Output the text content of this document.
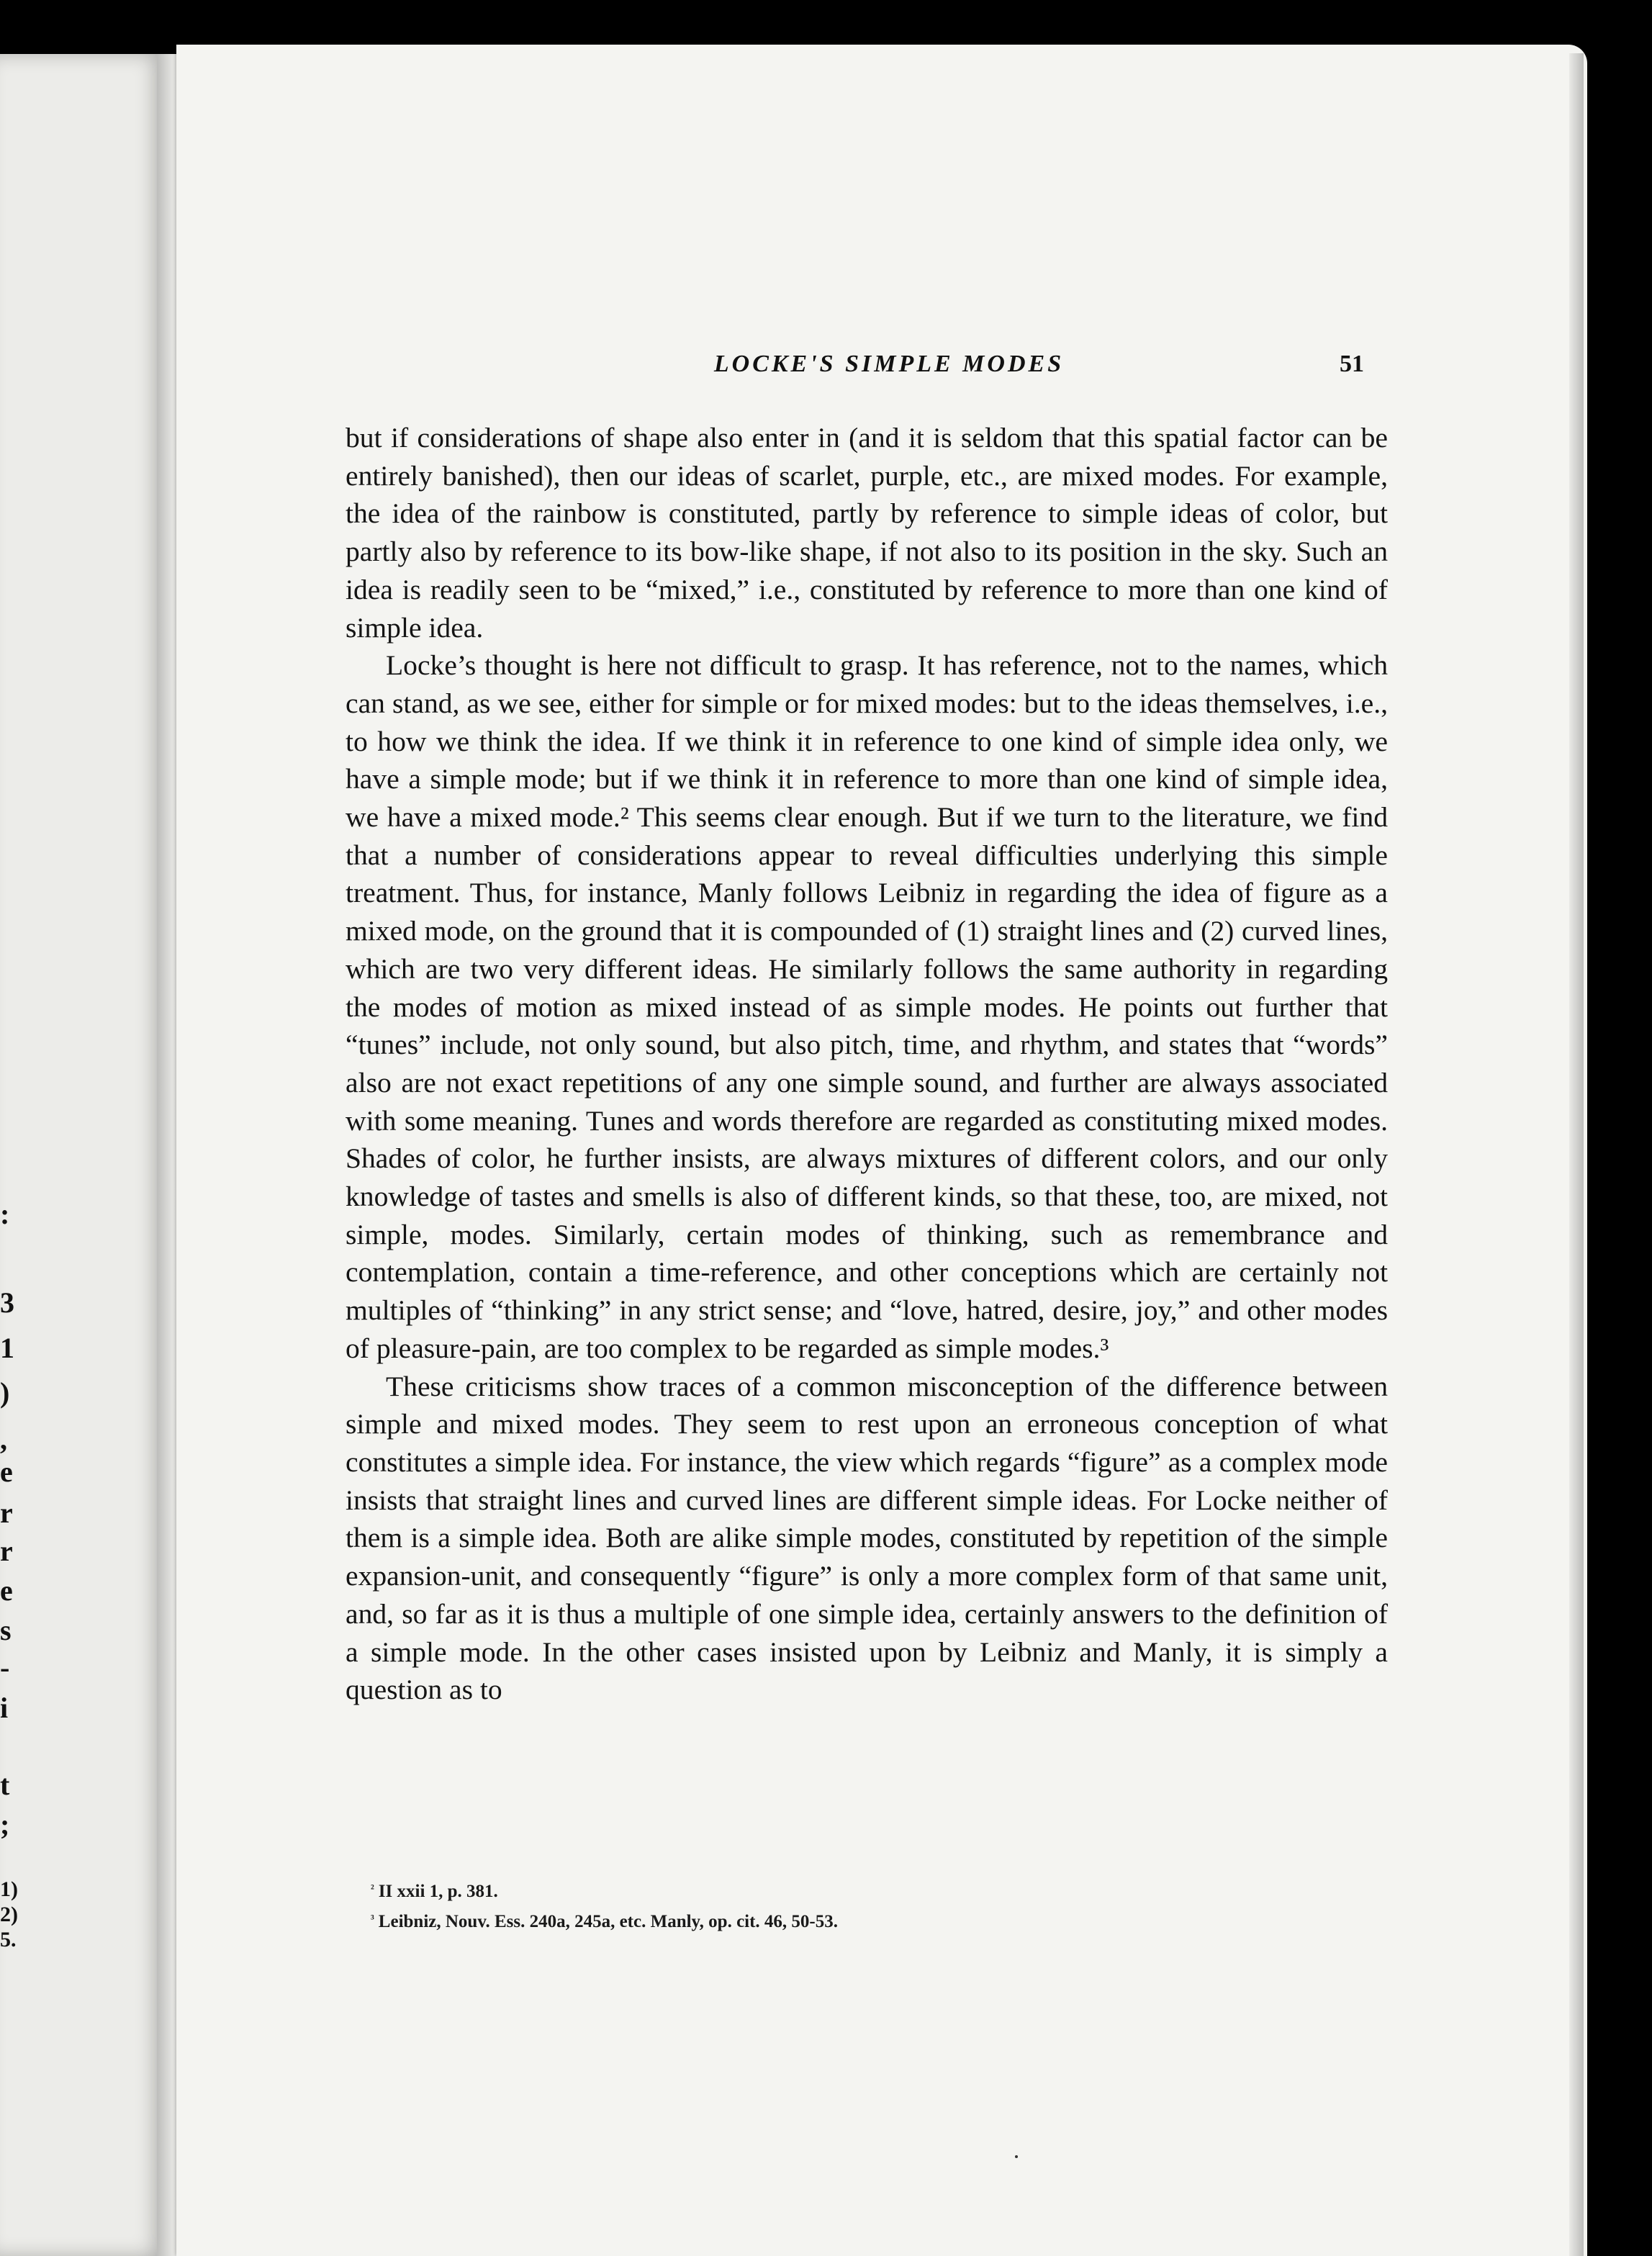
:
3
1
)
,
e
r
r
e
s
-
i
t
;
1)
2)
5.
LOCKE'S SIMPLE MODES	51

but if considerations of shape also enter in (and it is seldom that this spatial factor can be entirely banished), then our ideas of scarlet, purple, etc., are mixed modes. For example, the idea of the rainbow is constituted, partly by reference to simple ideas of color, but partly also by reference to its bow-like shape, if not also to its position in the sky. Such an idea is readily seen to be “mixed,” i.e., constituted by reference to more than one kind of simple idea.

Locke’s thought is here not difficult to grasp. It has reference, not to the names, which can stand, as we see, either for simple or for mixed modes: but to the ideas themselves, i.e., to how we think the idea. If we think it in reference to one kind of simple idea only, we have a simple mode; but if we think it in reference to more than one kind of simple idea, we have a mixed mode.² This seems clear enough. But if we turn to the literature, we find that a number of considerations appear to reveal difficulties underlying this simple treatment. Thus, for instance, Manly follows Leibniz in regarding the idea of figure as a mixed mode, on the ground that it is compounded of (1) straight lines and (2) curved lines, which are two very different ideas. He similarly follows the same authority in regarding the modes of motion as mixed instead of as simple modes. He points out further that “tunes” include, not only sound, but also pitch, time, and rhythm, and states that “words” also are not exact repetitions of any one simple sound, and further are always associated with some meaning. Tunes and words therefore are regarded as constituting mixed modes. Shades of color, he further insists, are always mixtures of different colors, and our only knowledge of tastes and smells is also of different kinds, so that these, too, are mixed, not simple, modes. Similarly, certain modes of thinking, such as remembrance and contemplation, contain a time-reference, and other conceptions which are certainly not multiples of “thinking” in any strict sense; and “love, hatred, desire, joy,” and other modes of pleasure-pain, are too complex to be regarded as simple modes.³

These criticisms show traces of a common misconception of the difference between simple and mixed modes. They seem to rest upon an erroneous conception of what constitutes a simple idea. For instance, the view which regards “figure” as a complex mode insists that straight lines and curved lines are different simple ideas. For Locke neither of them is a simple idea. Both are alike simple modes, constituted by repetition of the simple expansion-unit, and consequently “figure” is only a more complex form of that same unit, and, so far as it is thus a multiple of one simple idea, certainly answers to the definition of a simple mode. In the other cases insisted upon by Leibniz and Manly, it is simply a question as to

$^{^2}$ II xxii 1, p. 381.

$^{^3}$ Leibniz, Nouv. Ess. 240a, 245a, etc. Manly, op. cit. 46, 50-53.
